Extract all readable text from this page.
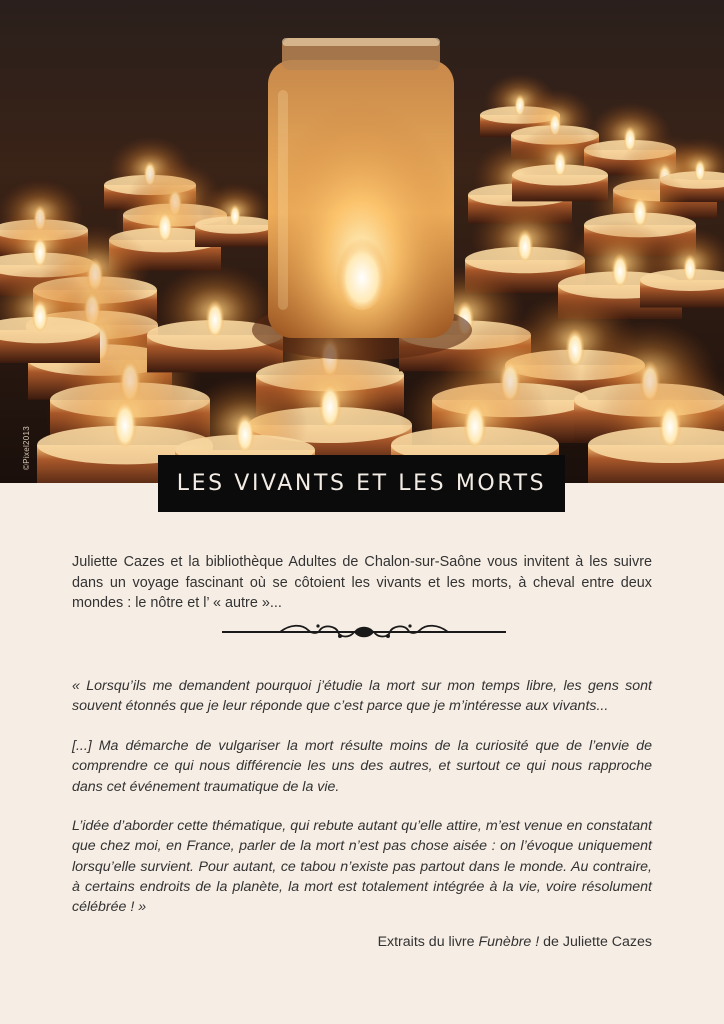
©Pixel2013
LES VIVANTS ET LES MORTS

Juliette Cazes et la bibliothèque Adultes de Chalon-sur-Saône vous invitent à les suivre dans un voyage fascinant où se côtoient les vivants et les morts, à cheval entre deux mondes : le nôtre et l’ « autre »...

« Lorsqu’ils me demandent pourquoi j’étudie la mort sur mon temps libre, les gens sont souvent étonnés que je leur réponde que c’est parce que je m’intéresse aux vivants...

[...] Ma démarche de vulgariser la mort résulte moins de la curiosité que de l’envie de comprendre ce qui nous différencie les uns des autres, et surtout ce qui nous rapproche dans cet événement traumatique de la vie.

L’idée d’aborder cette thématique, qui rebute autant qu’elle attire, m’est venue en constatant que chez moi, en France, parler de la mort n’est pas chose aisée : on l’évoque uniquement lorsqu’elle survient. Pour autant, ce tabou n’existe pas partout dans le monde. Au contraire, à certains endroits de la planète, la mort est totalement intégrée à la vie, voire résolument célébrée ! »

Extraits du livre Funèbre ! de Juliette Cazes
